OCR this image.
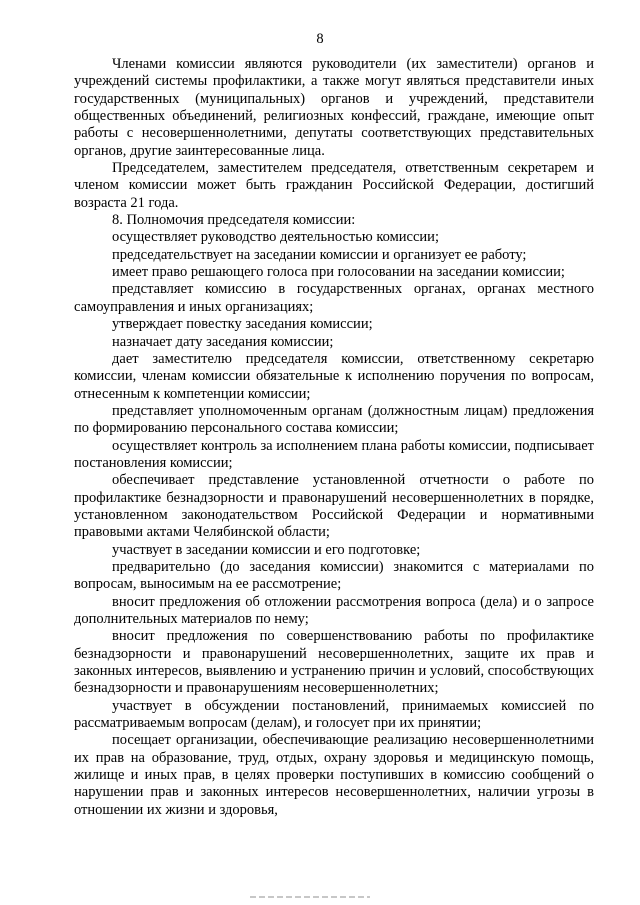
8

Членами комиссии являются руководители (их заместители) органов и учреждений системы профилактики, а также могут являться представители иных государственных (муниципальных) органов и учреждений, представители общественных объединений, религиозных конфессий, граждане, имеющие опыт работы с несовершеннолетними, депутаты соответствующих представительных органов, другие заинтересованные лица.

Председателем, заместителем председателя, ответственным секретарем и членом комиссии может быть гражданин Российской Федерации, достигший возраста 21 года.

8. Полномочия председателя комиссии:

осуществляет руководство деятельностью комиссии;

председательствует на заседании комиссии и организует ее работу;

имеет право решающего голоса при голосовании на заседании комиссии;

представляет комиссию в государственных органах, органах местного самоуправления и иных организациях;

утверждает повестку заседания комиссии;

назначает дату заседания комиссии;

дает заместителю председателя комиссии, ответственному секретарю комиссии, членам комиссии обязательные к исполнению поручения по вопросам, отнесенным к компетенции комиссии;

представляет уполномоченным органам (должностным лицам) предложения по формированию персонального состава комиссии;

осуществляет контроль за исполнением плана работы комиссии, подписывает постановления комиссии;

обеспечивает представление установленной отчетности о работе по профилактике безнадзорности и правонарушений несовершеннолетних в порядке, установленном законодательством Российской Федерации и нормативными правовыми актами Челябинской области;

участвует в заседании комиссии и его подготовке;

предварительно (до заседания комиссии) знакомится с материалами по вопросам, выносимым на ее рассмотрение;

вносит предложения об отложении рассмотрения вопроса (дела) и о запросе дополнительных материалов по нему;

вносит предложения по совершенствованию работы по профилактике безнадзорности и правонарушений несовершеннолетних, защите их прав и законных интересов, выявлению и устранению причин и условий, способствующих безнадзорности и правонарушениям несовершеннолетних;

участвует в обсуждении постановлений, принимаемых комиссией по рассматриваемым вопросам (делам), и голосует при их принятии;

посещает организации, обеспечивающие реализацию несовершеннолетними их прав на образование, труд, отдых, охрану здоровья и медицинскую помощь, жилище и иных прав, в целях проверки поступивших в комиссию сообщений о нарушении прав и законных интересов несовершеннолетних, наличии угрозы в отношении их жизни и здоровья,
